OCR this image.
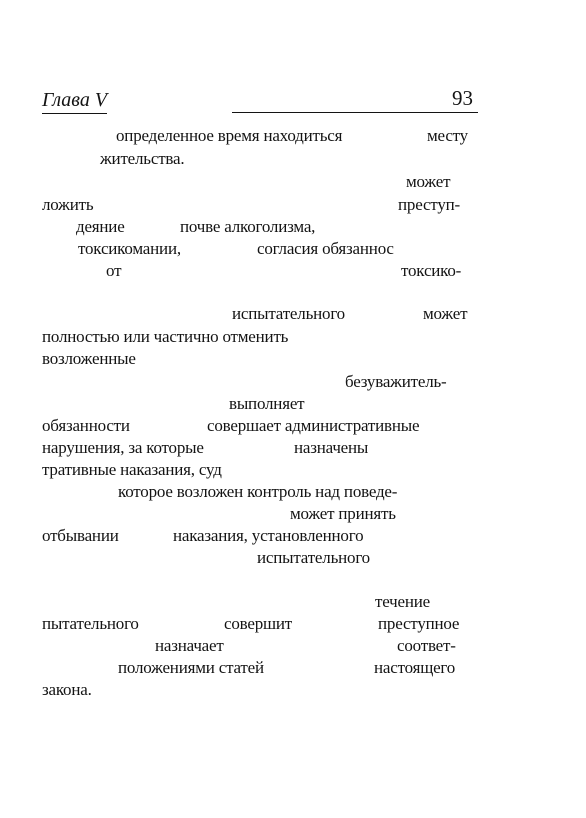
Глава V	93
определенное время находиться	месту
жительства.
может
ложить	преступ-
деяние	почве алкоголизма,
токсикомании,	согласия обязаннос
от	токсико-
испытательного	может
полностью или частично отменить
возложенные
безуважитель-
выполняет
обязанности	совершает административные
нарушения, за которые	назначены
тративные наказания, суд
которое возложен контроль над поведе-
может принять
отбывании	наказания, установленного
испытательного
течение
пытательного	совершит	преступное
назначает	соответ-
положениями статей	настоящего
закона.
